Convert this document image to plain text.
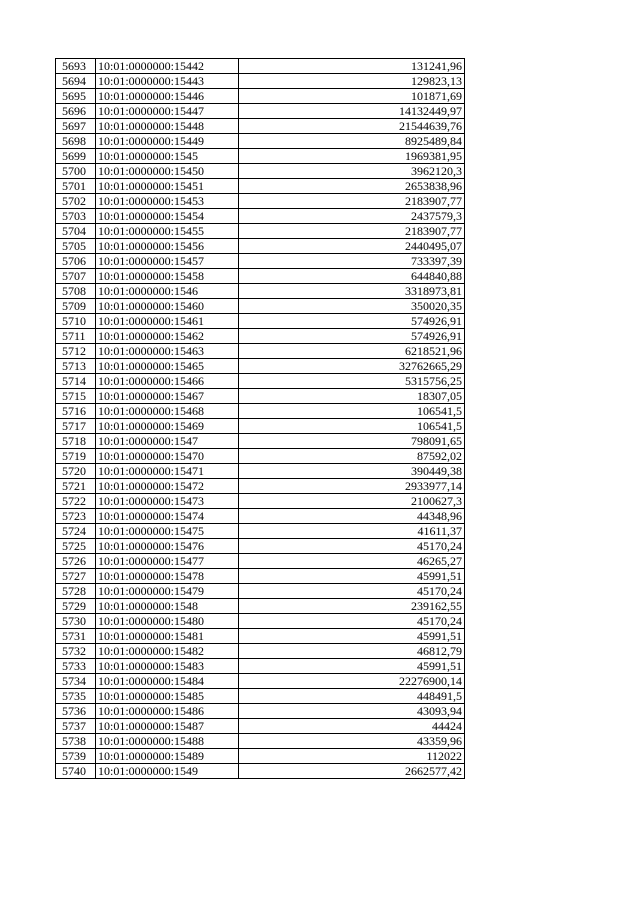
5693	10:01:0000000:15442	131241,96
5694	10:01:0000000:15443	129823,13
5695	10:01:0000000:15446	101871,69
5696	10:01:0000000:15447	14132449,97
5697	10:01:0000000:15448	21544639,76
5698	10:01:0000000:15449	8925489,84
5699	10:01:0000000:1545	1969381,95
5700	10:01:0000000:15450	3962120,3
5701	10:01:0000000:15451	2653838,96
5702	10:01:0000000:15453	2183907,77
5703	10:01:0000000:15454	2437579,3
5704	10:01:0000000:15455	2183907,77
5705	10:01:0000000:15456	2440495,07
5706	10:01:0000000:15457	733397,39
5707	10:01:0000000:15458	644840,88
5708	10:01:0000000:1546	3318973,81
5709	10:01:0000000:15460	350020,35
5710	10:01:0000000:15461	574926,91
5711	10:01:0000000:15462	574926,91
5712	10:01:0000000:15463	6218521,96
5713	10:01:0000000:15465	32762665,29
5714	10:01:0000000:15466	5315756,25
5715	10:01:0000000:15467	18307,05
5716	10:01:0000000:15468	106541,5
5717	10:01:0000000:15469	106541,5
5718	10:01:0000000:1547	798091,65
5719	10:01:0000000:15470	87592,02
5720	10:01:0000000:15471	390449,38
5721	10:01:0000000:15472	2933977,14
5722	10:01:0000000:15473	2100627,3
5723	10:01:0000000:15474	44348,96
5724	10:01:0000000:15475	41611,37
5725	10:01:0000000:15476	45170,24
5726	10:01:0000000:15477	46265,27
5727	10:01:0000000:15478	45991,51
5728	10:01:0000000:15479	45170,24
5729	10:01:0000000:1548	239162,55
5730	10:01:0000000:15480	45170,24
5731	10:01:0000000:15481	45991,51
5732	10:01:0000000:15482	46812,79
5733	10:01:0000000:15483	45991,51
5734	10:01:0000000:15484	22276900,14
5735	10:01:0000000:15485	448491,5
5736	10:01:0000000:15486	43093,94
5737	10:01:0000000:15487	44424
5738	10:01:0000000:15488	43359,96
5739	10:01:0000000:15489	112022
5740	10:01:0000000:1549	2662577,42
